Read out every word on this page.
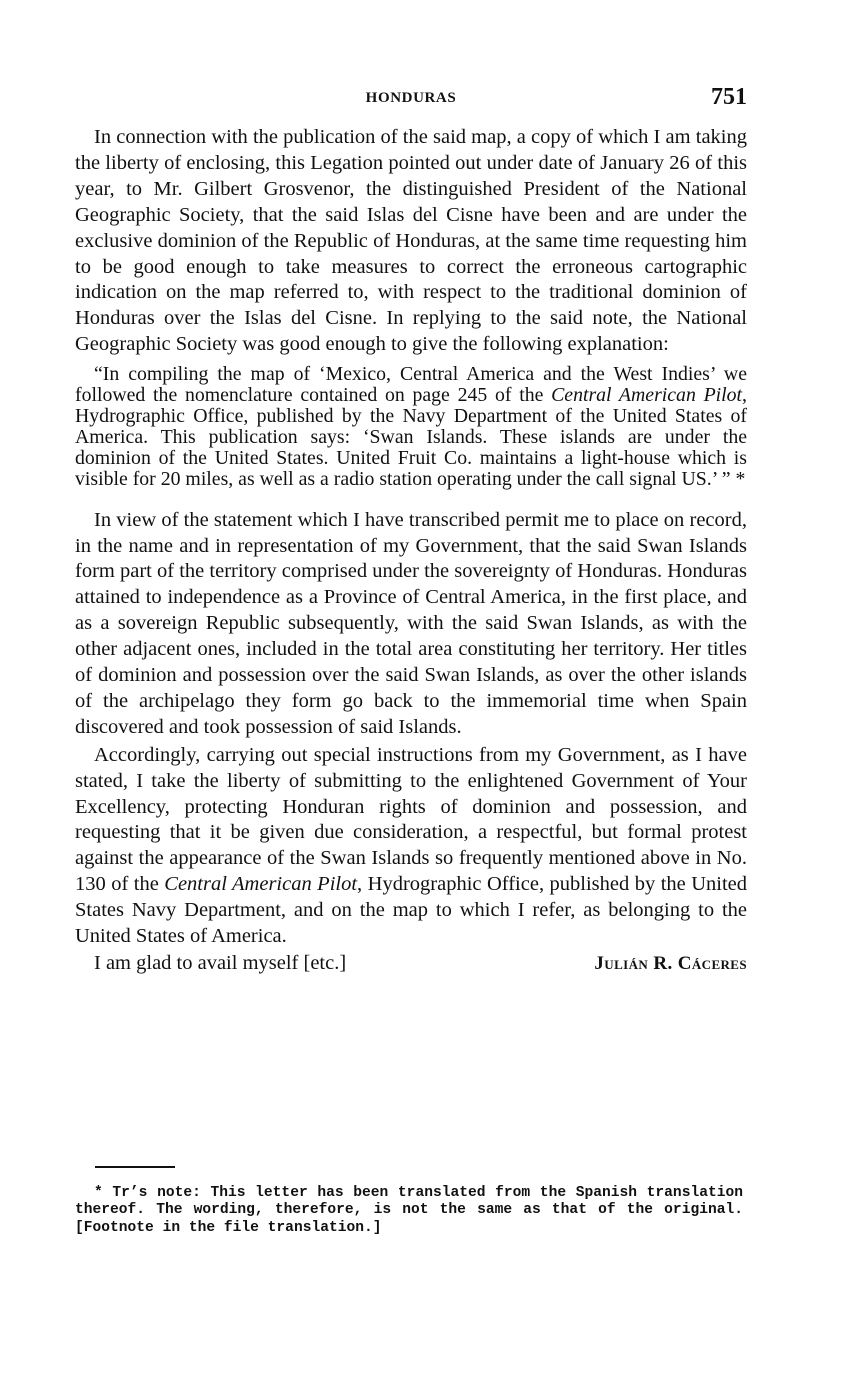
HONDURAS	751

In connection with the publication of the said map, a copy of which I am taking the liberty of enclosing, this Legation pointed out under date of January 26 of this year, to Mr. Gilbert Grosvenor, the distinguished President of the National Geographic Society, that the said Islas del Cisne have been and are under the exclusive dominion of the Republic of Honduras, at the same time requesting him to be good enough to take measures to correct the erroneous cartographic indication on the map referred to, with respect to the traditional dominion of Honduras over the Islas del Cisne. In replying to the said note, the National Geographic Society was good enough to give the following explanation:

“In compiling the map of ‘Mexico, Central America and the West Indies’ we followed the nomenclature contained on page 245 of the Central American Pilot, Hydrographic Office, published by the Navy Department of the United States of America. This publication says: ‘Swan Islands. These islands are under the dominion of the United States. United Fruit Co. maintains a light-house which is visible for 20 miles, as well as a radio station operating under the call signal US.’ ” *

In view of the statement which I have transcribed permit me to place on record, in the name and in representation of my Government, that the said Swan Islands form part of the territory comprised under the sovereignty of Honduras. Honduras attained to independence as a Province of Central America, in the first place, and as a sovereign Republic subsequently, with the said Swan Islands, as with the other adjacent ones, included in the total area constituting her territory. Her titles of dominion and possession over the said Swan Islands, as over the other islands of the archipelago they form go back to the immemorial time when Spain discovered and took possession of said Islands.

Accordingly, carrying out special instructions from my Government, as I have stated, I take the liberty of submitting to the enlightened Government of Your Excellency, protecting Honduran rights of dominion and possession, and requesting that it be given due consideration, a respectful, but formal protest against the appearance of the Swan Islands so frequently mentioned above in No. 130 of the Central American Pilot, Hydrographic Office, published by the United States Navy Department, and on the map to which I refer, as belonging to the United States of America.

I am glad to avail myself [etc.]	Julián R. Cáceres

* Tr’s note: This letter has been translated from the Spanish translation thereof. The wording, therefore, is not the same as that of the original. [Footnote in the file translation.]
